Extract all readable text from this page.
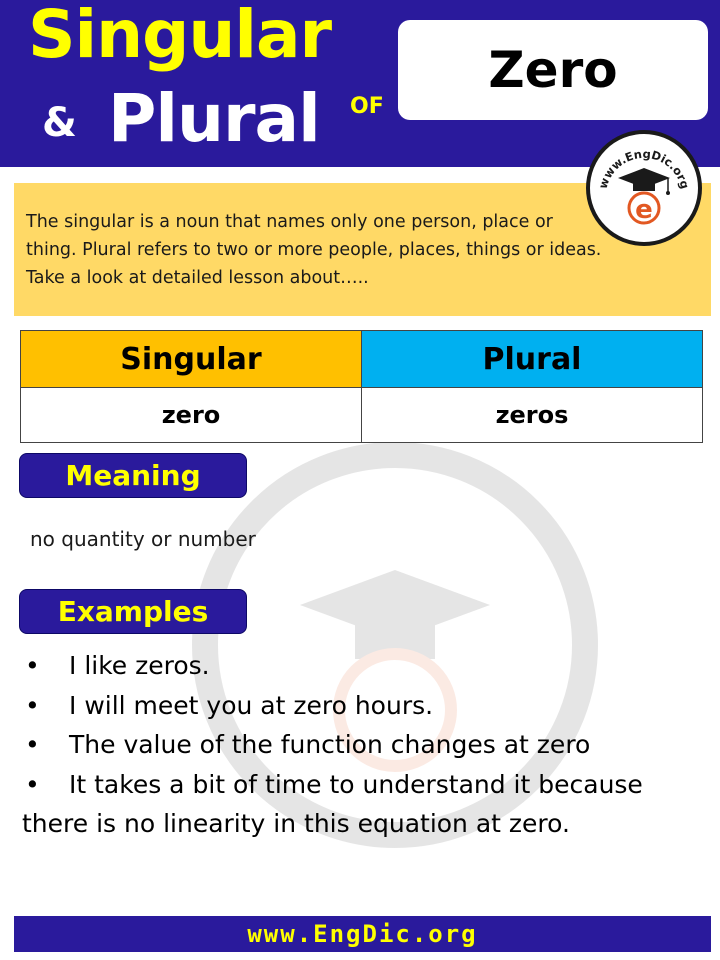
Singular
& Plural OF
Zero
www.EngDic.org
e

The singular is a noun that names only one person, place or thing. Plural refers to two or more people, places, things or ideas. Take a look at detailed lesson about…..

Singular	Plural
zero	zeros
Meaning
no quantity or number
Examples
• I like zeros.
• I will meet you at zero hours.
• The value of the function changes at zero
• It takes a bit of time to understand it because there is no linearity in this equation at zero.
www.EngDic.org
